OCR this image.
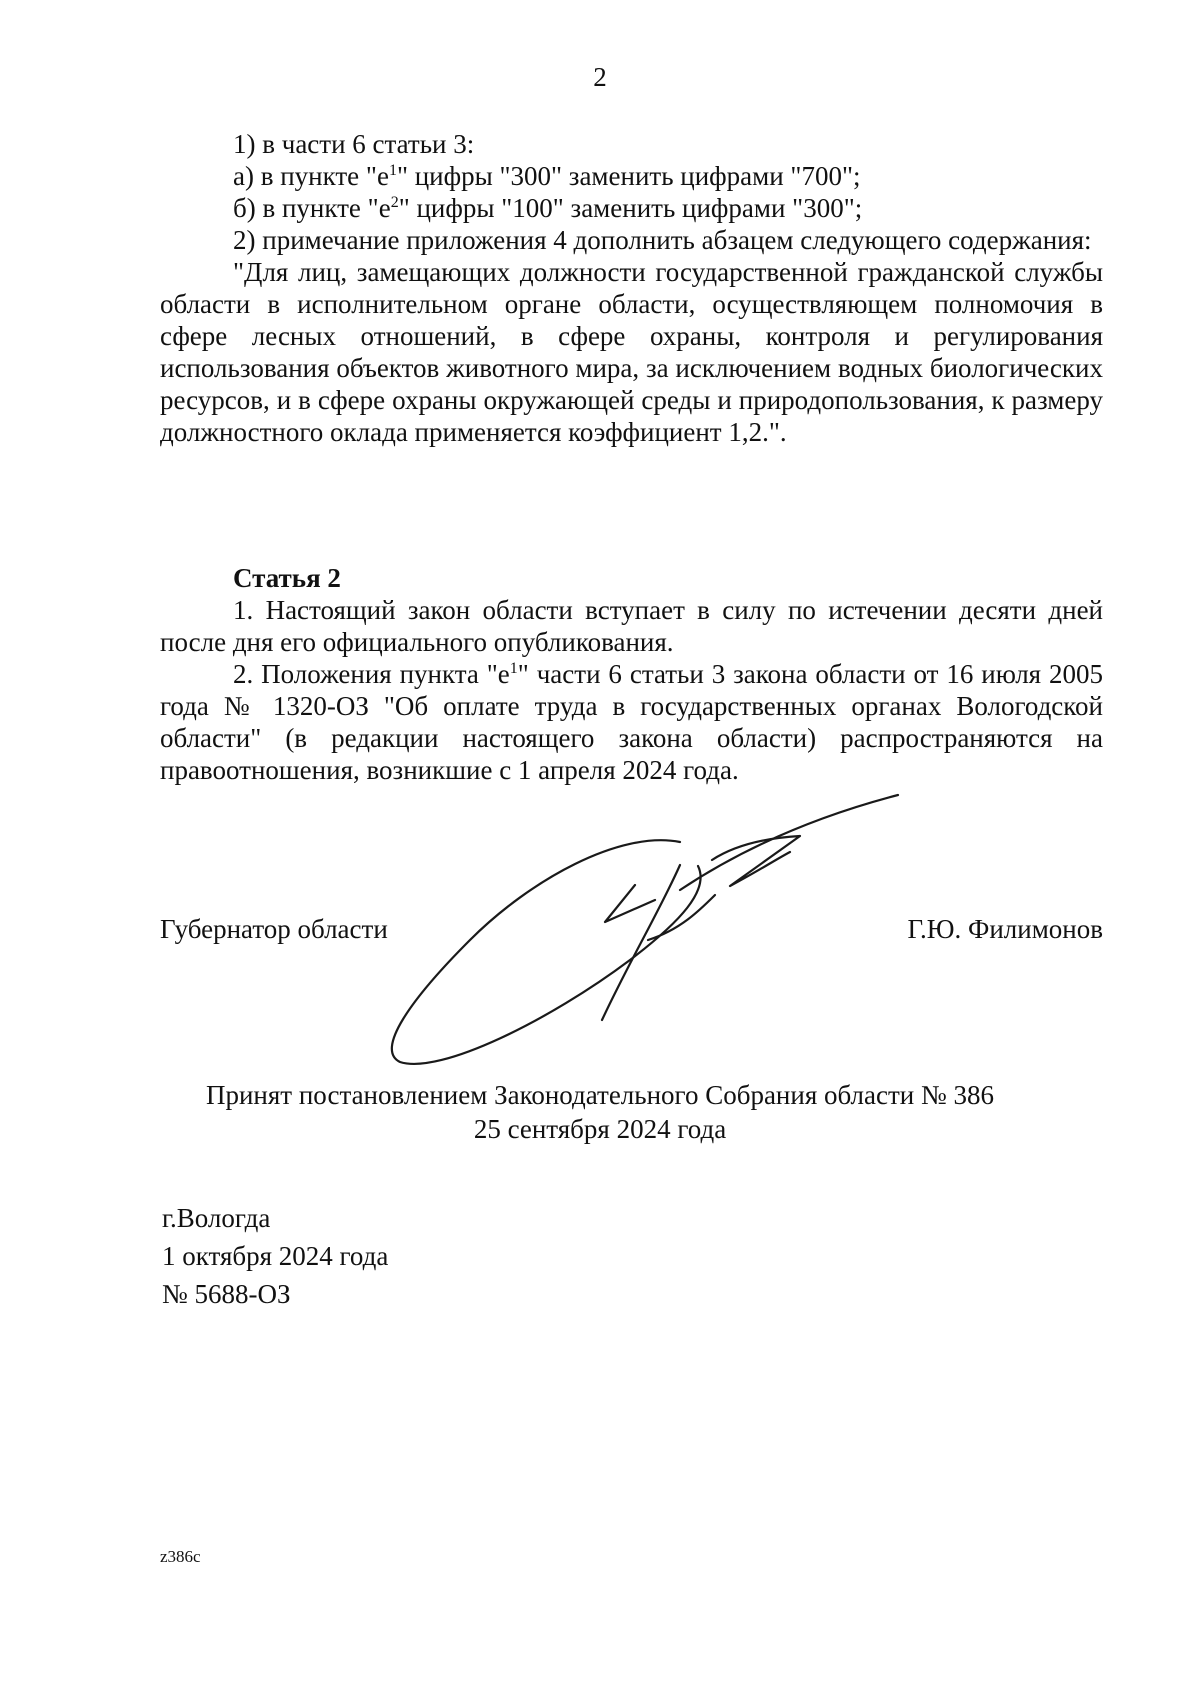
2

1) в части 6 статьи 3:

а) в пункте "$е^1$" цифры "300" заменить цифрами "700";

б) в пункте "$е^2$" цифры "100" заменить цифрами "300";

2) примечание приложения 4 дополнить абзацем следующего содержания:

"Для лиц, замещающих должности государственной гражданской службы области в исполнительном органе области, осуществляющем полномочия в сфере лесных отношений, в сфере охраны, контроля и регулирования использования объектов животного мира, за исключением водных биологических ресурсов, и в сфере охраны окружающей среды и природопользования, к размеру должностного оклада применяется коэффициент 1,2.".

Статья 2

1. Настоящий закон области вступает в силу по истечении десяти дней после дня его официального опубликования.

2. Положения пункта "$е^1$" части 6 статьи 3 закона области от 16 июля 2005 года № 1320-ОЗ "Об оплате труда в государственных органах Вологодской области" (в редакции настоящего закона области) распространяются на правоотношения, возникшие с 1 апреля 2024 года.

Губернатор области	Г.Ю. Филимонов
Принят постановлением Законодательного Собрания области № 386
25 сентября 2024 года
г.Вологда
1 октября 2024 года
№ 5688-ОЗ
z386c
